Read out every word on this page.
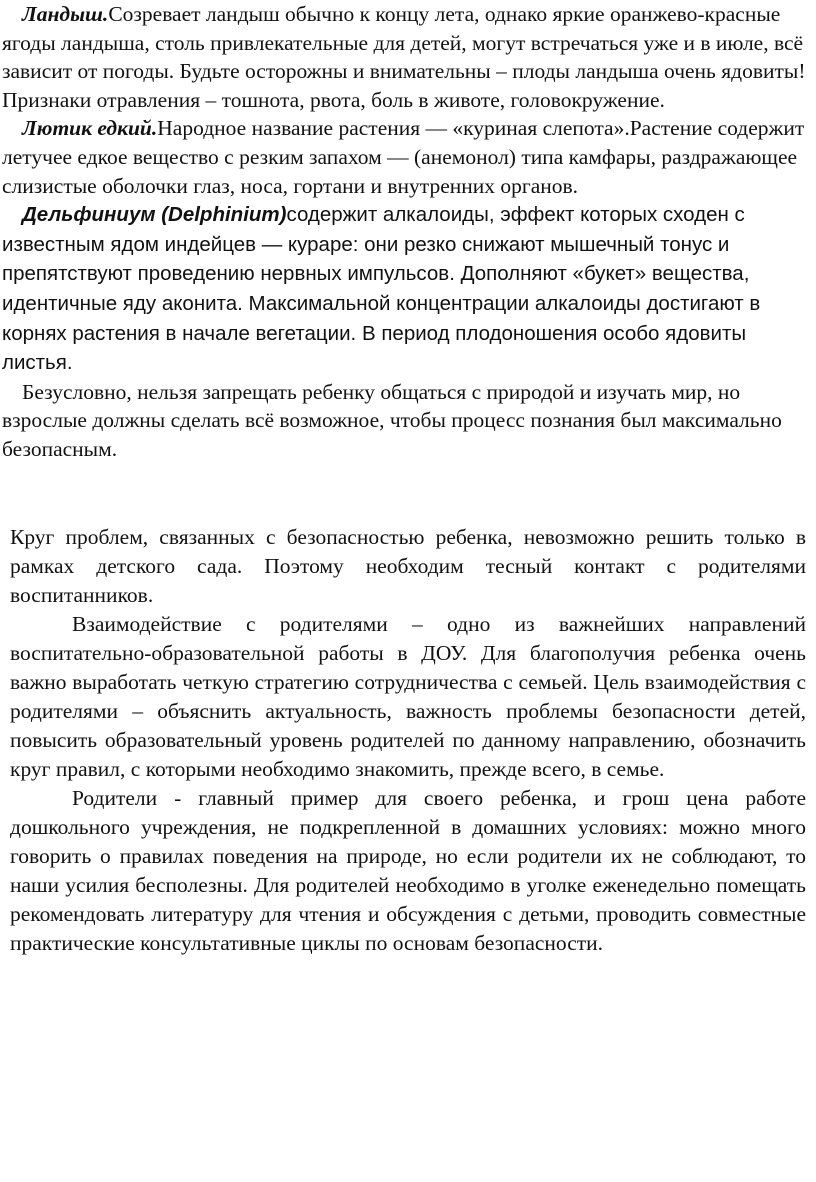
Ландыш.Созревает ландыш обычно к концу лета, однако яркие оранжево-красные ягоды ландыша, столь привлекательные для детей, могут встречаться уже и в июле, всё зависит от погоды. Будьте осторожны и внимательны – плоды ландыша очень ядовиты! Признаки отравления – тошнота, рвота, боль в животе, головокружение.

Лютик едкий.Народное название растения — «куриная слепота».Растение содержит летучее едкое вещество с резким запахом — (анемонол) типа камфары, раздражающее слизистые оболочки глаз, носа, гортани и внутренних органов.

Дельфиниум (Delphinium)содержит алкалоиды, эффект которых сходен с известным ядом индейцев — кураре: они резко снижают мышечный тонус и препятствуют проведению нервных импульсов. Дополняют «букет» вещества, идентичные яду аконита. Максимальной концентрации алкалоиды достигают в корнях растения в начале вегетации. В период плодоношения особо ядовиты листья.

Безусловно, нельзя запрещать ребенку общаться с природой и изучать мир, но взрослые должны сделать всё возможное, чтобы процесс познания был максимально безопасным.

Круг проблем, связанных с безопасностью ребенка, невозможно решить только в рамках детского сада. Поэтому необходим тесный контакт с родителями воспитанников.

Взаимодействие с родителями – одно из важнейших направлений воспитательно-образовательной работы в ДОУ. Для благополучия ребенка очень важно выработать четкую стратегию сотрудничества с семьей. Цель взаимодействия с родителями – объяснить актуальность, важность проблемы безопасности детей, повысить образовательный уровень родителей по данному направлению, обозначить круг правил, с которыми необходимо знакомить, прежде всего, в семье.

Родители - главный пример для своего ребенка, и грош цена работе дошкольного учреждения, не подкрепленной в домашних условиях: можно много говорить о правилах поведения на природе, но если родители их не соблюдают, то наши усилия бесполезны. Для родителей необходимо в уголке еженедельно помещать рекомендовать литературу для чтения и обсуждения с детьми, проводить совместные практические консультативные циклы по основам безопасности.
